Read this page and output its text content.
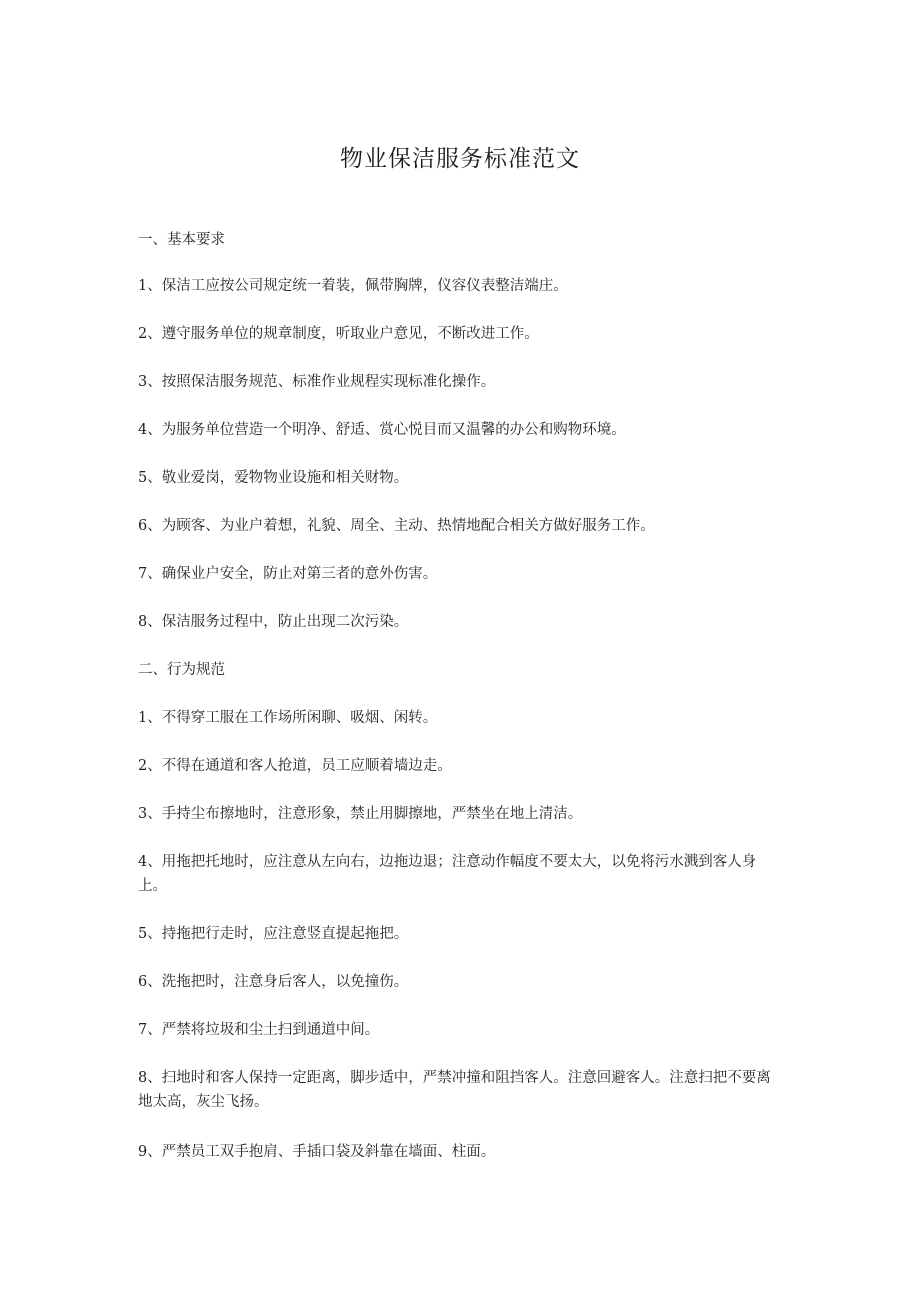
物业保洁服务标准范文
一、基本要求
1、保洁工应按公司规定统一着装，佩带胸牌，仪容仪表整洁端庄。
2、遵守服务单位的规章制度，听取业户意见，不断改进工作。
3、按照保洁服务规范、标准作业规程实现标准化操作。
4、为服务单位营造一个明净、舒适、赏心悦目而又温馨的办公和购物环境。
5、敬业爱岗，爱物物业设施和相关财物。
6、为顾客、为业户着想，礼貌、周全、主动、热情地配合相关方做好服务工作。
7、确保业户安全，防止对第三者的意外伤害。
8、保洁服务过程中，防止出现二次污染。
二、行为规范
1、不得穿工服在工作场所闲聊、吸烟、闲转。
2、不得在通道和客人抢道，员工应顺着墙边走。
3、手持尘布擦地时，注意形象，禁止用脚擦地，严禁坐在地上清洁。
4、用拖把托地时，应注意从左向右，边拖边退；注意动作幅度不要太大，以免将污水溅到客人身上。
5、持拖把行走时，应注意竖直提起拖把。
6、洗拖把时，注意身后客人，以免撞伤。
7、严禁将垃圾和尘土扫到通道中间。
8、扫地时和客人保持一定距离，脚步适中，严禁冲撞和阻挡客人。注意回避客人。注意扫把不要离地太高，灰尘飞扬。
9、严禁员工双手抱肩、手插口袋及斜靠在墙面、柱面。
